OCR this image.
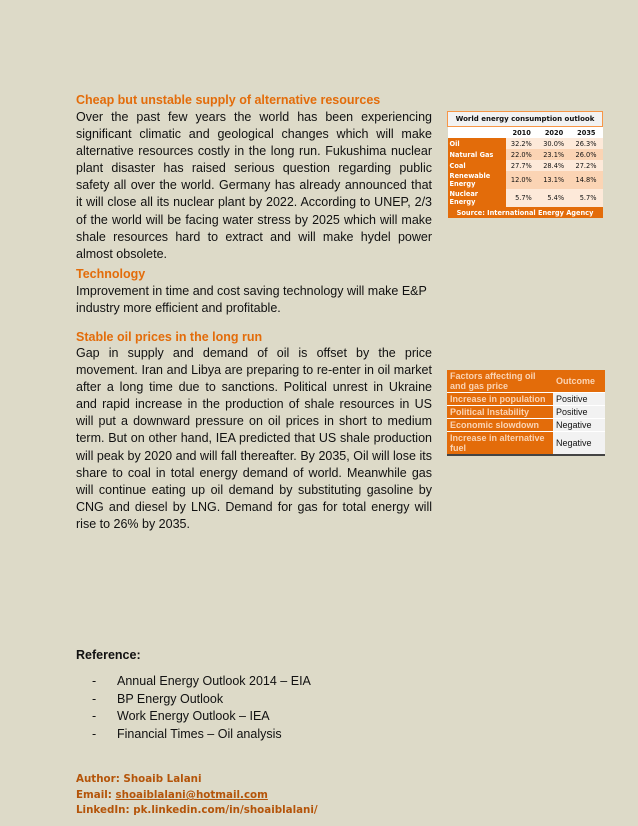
Cheap but unstable supply of alternative resources
Over the past few years the world has been experiencing significant climatic and geological changes which will make alternative resources costly in the long run. Fukushima nuclear plant disaster has raised serious question regarding public safety all over the world. Germany has already announced that it will close all its nuclear plant by 2022. According to UNEP, 2/3 of the world will be facing water stress by 2025 which will make shale resources hard to extract and will make hydel power almost obsolete.
Technology
Improvement in time and cost saving technology will make E&P industry more efficient and profitable.
Stable oil prices in the long run
Gap in supply and demand of oil is offset by the price movement. Iran and Libya are preparing to re-enter in oil market after a long time due to sanctions. Political unrest in Ukraine and rapid increase in the production of shale resources in US will put a downward pressure on oil prices in short to medium term. But on other hand, IEA predicted that US shale production will peak by 2020 and will fall thereafter. By 2035, Oil will lose its share to coal in total energy demand of world. Meanwhile gas will continue eating up oil demand by substituting gasoline by CNG and diesel by LNG. Demand for gas for total energy will rise to 26% by 2035.
World energy consumption outlook			
	2010	2020	2035
Oil	32.2%	30.0%	26.3%
Natural Gas	22.0%	23.1%	26.0%
Coal	27.7%	28.4%	27.2%
Renewable Energy	12.0%	13.1%	14.8%
Nuclear Energy	5.7%	5.4%	5.7%
Source: International Energy Agency			
Factors affecting oil and gas price	Outcome
Increase in population	Positive
Political Instability	Positive
Economic slowdown	Negative
Increase in alternative fuel	Negative
Reference:
- Annual Energy Outlook 2014 – EIA
- BP Energy Outlook
- Work Energy Outlook – IEA
- Financial Times – Oil analysis
Author: Shoaib Lalani
Email: shoaiblalani@hotmail.com
LinkedIn: pk.linkedin.com/in/shoaiblalani/
